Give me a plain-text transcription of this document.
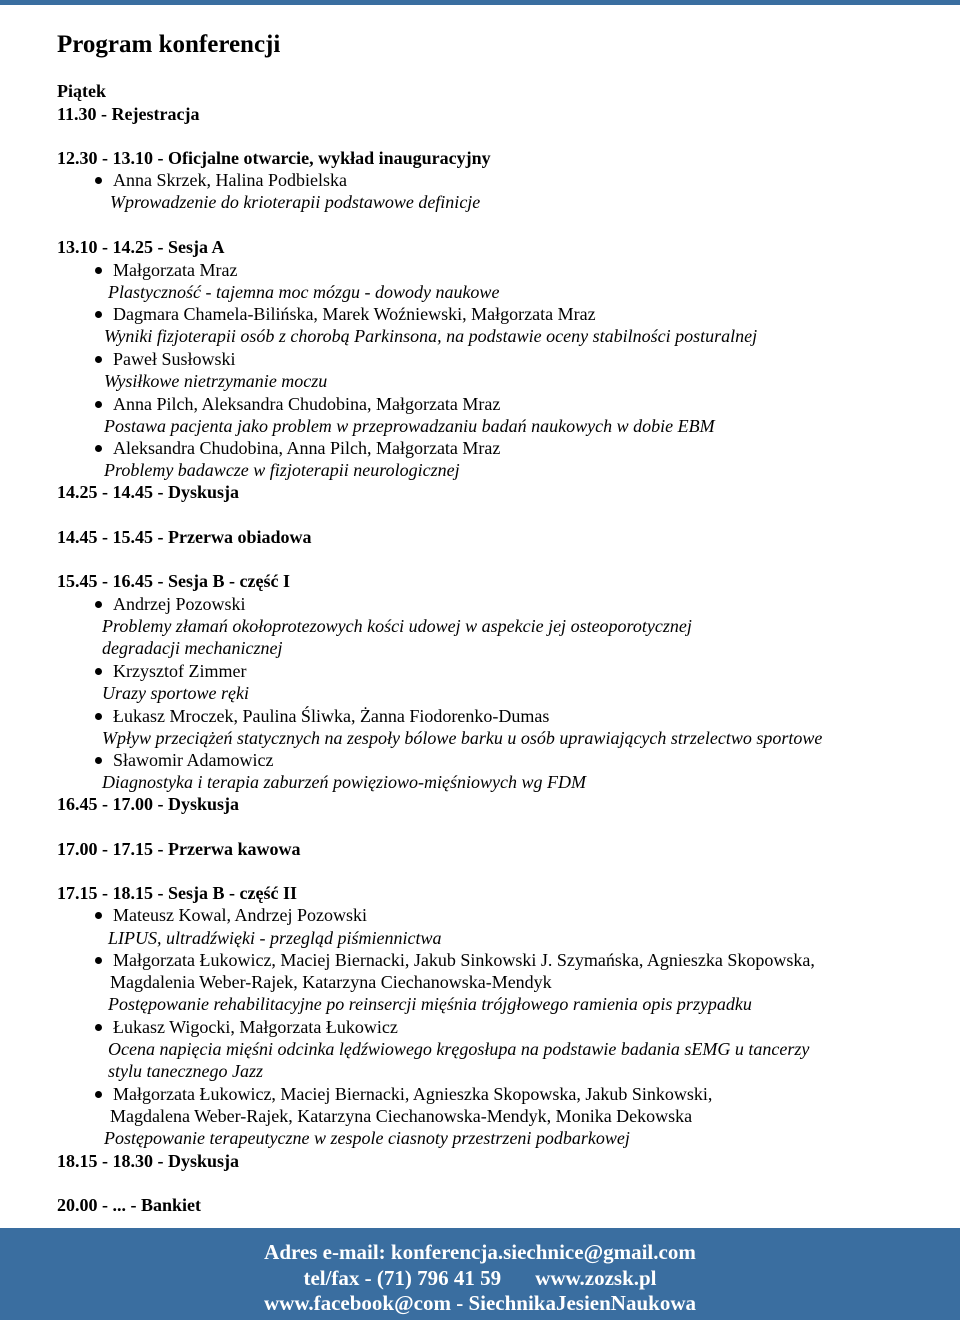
Program konferencji
Piątek
11.30 - Rejestracja
12.30 - 13.10 - Oficjalne otwarcie, wykład inauguracyjny
Anna Skrzek, Halina Podbielska
Wprowadzenie do krioterapii podstawowe definicje
13.10 - 14.25 - Sesja A
Małgorzata Mraz
Plastyczność - tajemna moc mózgu - dowody naukowe
Dagmara Chamela-Bilińska, Marek Woźniewski, Małgorzata Mraz
Wyniki fizjoterapii osób z chorobą Parkinsona, na podstawie oceny stabilności posturalnej
Paweł Susłowski
Wysiłkowe nietrzymanie moczu
Anna Pilch, Aleksandra Chudobina, Małgorzata Mraz
Postawa pacjenta jako problem w przeprowadzaniu badań naukowych w dobie EBM
Aleksandra Chudobina, Anna Pilch, Małgorzata Mraz
Problemy badawcze w fizjoterapii neurologicznej
14.25 - 14.45 - Dyskusja
14.45 - 15.45 - Przerwa obiadowa
15.45 - 16.45 - Sesja B - część I
Andrzej Pozowski
Problemy złamań okołoprotezowych kości udowej w aspekcie jej osteoporotycznej
degradacji mechanicznej
Krzysztof Zimmer
Urazy sportowe ręki
Łukasz Mroczek, Paulina Śliwka, Żanna Fiodorenko-Dumas
Wpływ przeciążeń statycznych na zespoły bólowe barku u osób uprawiających strzelectwo sportowe
Sławomir Adamowicz
Diagnostyka i terapia zaburzeń powięziowo-mięśniowych wg FDM
16.45 - 17.00 - Dyskusja
17.00 - 17.15 - Przerwa kawowa
17.15 - 18.15 - Sesja B - część II
Mateusz Kowal, Andrzej Pozowski
LIPUS, ultradźwięki - przegląd piśmiennictwa
Małgorzata Łukowicz, Maciej Biernacki, Jakub Sinkowski J. Szymańska, Agnieszka Skopowska,
Magdalenia Weber-Rajek, Katarzyna Ciechanowska-Mendyk
Postępowanie rehabilitacyjne po reinsercji mięśnia trójgłowego ramienia opis przypadku
Łukasz Wigocki, Małgorzata Łukowicz
Ocena napięcia mięśni odcinka lędźwiowego kręgosłupa na podstawie badania sEMG u tancerzy
stylu tanecznego Jazz
Małgorzata Łukowicz, Maciej Biernacki, Agnieszka Skopowska, Jakub Sinkowski,
Magdalena Weber-Rajek, Katarzyna Ciechanowska-Mendyk, Monika Dekowska
Postępowanie terapeutyczne w zespole ciasnoty przestrzeni podbarkowej
18.15 - 18.30 - Dyskusja
20.00 - ... - Bankiet
Adres e-mail: konferencja.siechnice@gmail.com
tel/fax - (71) 796 41 59 www.zozsk.pl
www.facebook@com - SiechnikaJesienNaukowa
